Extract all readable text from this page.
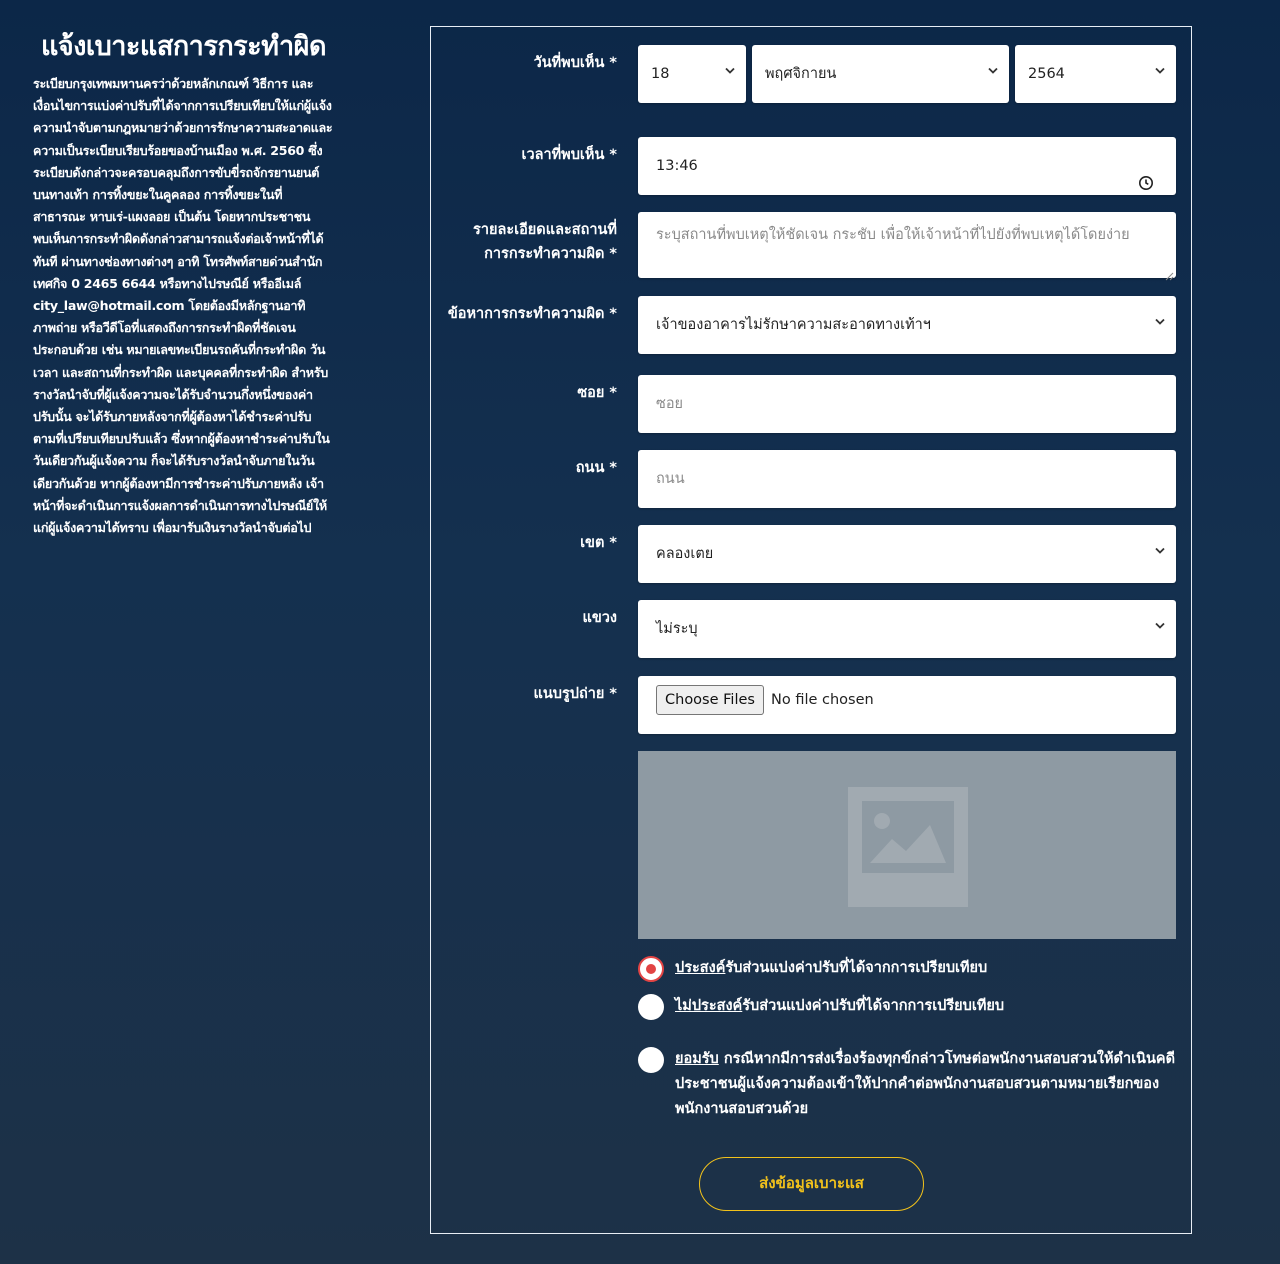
แจ้งเบาะแสการกระทำผิด

ระเบียบกรุงเทพมหานครว่าด้วยหลักเกณฑ์ วิธีการ และเงื่อนไขการแบ่งค่าปรับที่ได้จากการเปรียบเทียบให้แก่ผู้แจ้งความนำจับตามกฎหมายว่าด้วยการรักษาความสะอาดและความเป็นระเบียบเรียบร้อยของบ้านเมือง พ.ศ. 2560 ซึ่งระเบียบดังกล่าวจะครอบคลุมถึงการขับขี่รถจักรยานยนต์บนทางเท้า การทิ้งขยะในคูคลอง การทิ้งขยะในที่สาธารณะ หาบเร่-แผงลอย เป็นต้น โดยหากประชาชนพบเห็นการกระทำผิดดังกล่าวสามารถแจ้งต่อเจ้าหน้าที่ได้ทันที ผ่านทางช่องทางต่างๆ อาทิ โทรศัพท์สายด่วนสำนักเทศกิจ 0 2465 6644 หรือทางไปรษณีย์ หรืออีเมล์ city_law@hotmail.com โดยต้องมีหลักฐานอาทิ ภาพถ่าย หรือวีดีโอที่แสดงถึงการกระทำผิดที่ชัดเจนประกอบด้วย เช่น หมายเลขทะเบียนรถคันที่กระทำผิด วัน เวลา และสถานที่กระทำผิด และบุคคลที่กระทำผิด สำหรับรางวัลนำจับที่ผู้แจ้งความจะได้รับจำนวนกึ่งหนึ่งของค่าปรับนั้น จะได้รับภายหลังจากที่ผู้ต้องหาได้ชำระค่าปรับตามที่เปรียบเทียบปรับแล้ว ซึ่งหากผู้ต้องหาชำระค่าปรับในวันเดียวกันผู้แจ้งความ ก็จะได้รับรางวัลนำจับภายในวันเดียวกันด้วย หากผู้ต้องหามีการชำระค่าปรับภายหลัง เจ้าหน้าที่จะดำเนินการแจ้งผลการดำเนินการทางไปรษณีย์ให้แก่ผู้แจ้งความได้ทราบ เพื่อมารับเงินรางวัลนำจับต่อไป

วันที่พบเห็น *
18	พฤศจิกายน	2564
เวลาที่พบเห็น *
13:46
รายละเอียดและสถานที่การกระทำความผิด *
ระบุสถานที่พบเหตุให้ชัดเจน กระชับ เพื่อให้เจ้าหน้าที่ไปยังที่พบเหตุได้โดยง่าย
ข้อหาการกระทำความผิด *
เจ้าของอาคารไม่รักษาความสะอาดทางเท้าฯ
ซอย *
ซอย
ถนน *
ถนน
เขต *
คลองเตย
แขวง
ไม่ระบุ
แนบรูปถ่าย *	Choose Files	No file chosen
ประสงค์รับส่วนแบ่งค่าปรับที่ได้จากการเปรียบเทียบ
ไม่ประสงค์รับส่วนแบ่งค่าปรับที่ได้จากการเปรียบเทียบ
ยอมรับ กรณีหากมีการส่งเรื่องร้องทุกข์กล่าวโทษต่อพนักงานสอบสวนให้ดำเนินคดี ประชาชนผู้แจ้งความต้องเข้าให้ปากคำต่อพนักงานสอบสวนตามหมายเรียกของพนักงานสอบสวนด้วย
ส่งข้อมูลเบาะแส
